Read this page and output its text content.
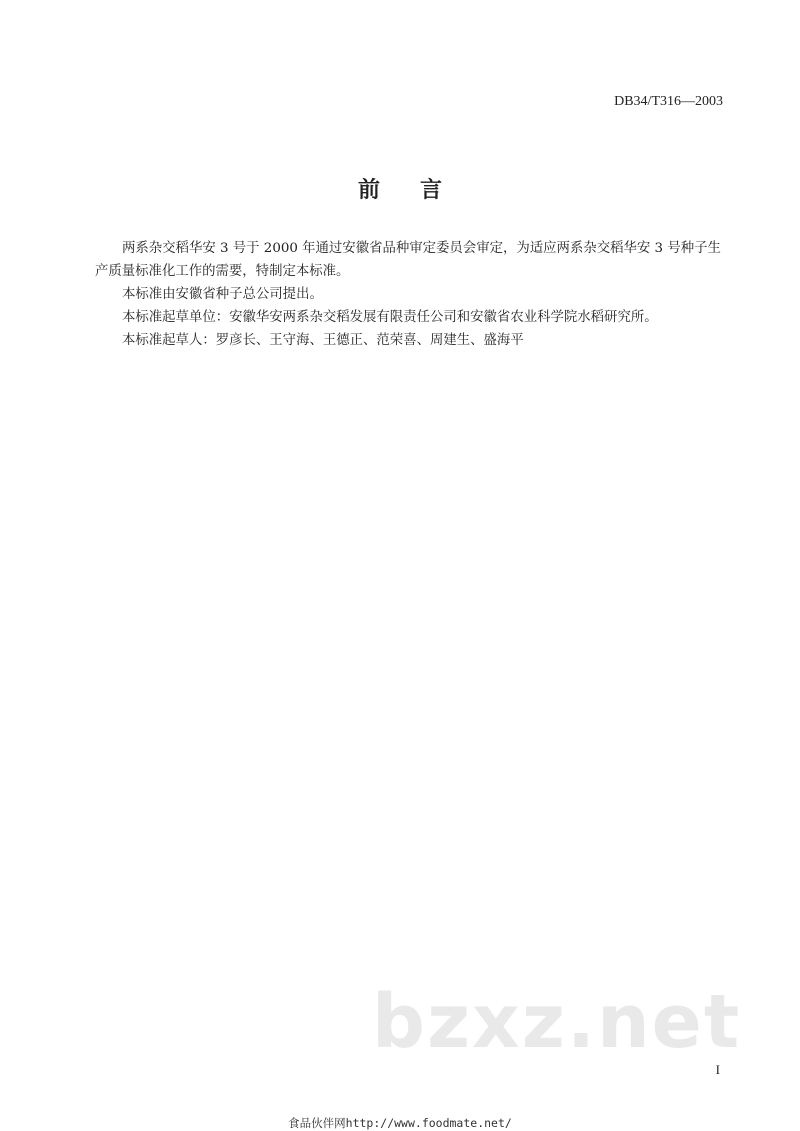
DB34/T316—2003
前言

两系杂交稻华安 3 号于 2000 年通过安徽省品种审定委员会审定，为适应两系杂交稻华安 3 号种子生产质量标准化工作的需要，特制定本标准。

本标准由安徽省种子总公司提出。

本标准起草单位：安徽华安两系杂交稻发展有限责任公司和安徽省农业科学院水稻研究所。

本标准起草人：罗彦长、王守海、王德正、范荣喜、周建生、盛海平

bzxz.net
I
食品伙伴网http://www.foodmate.net/
